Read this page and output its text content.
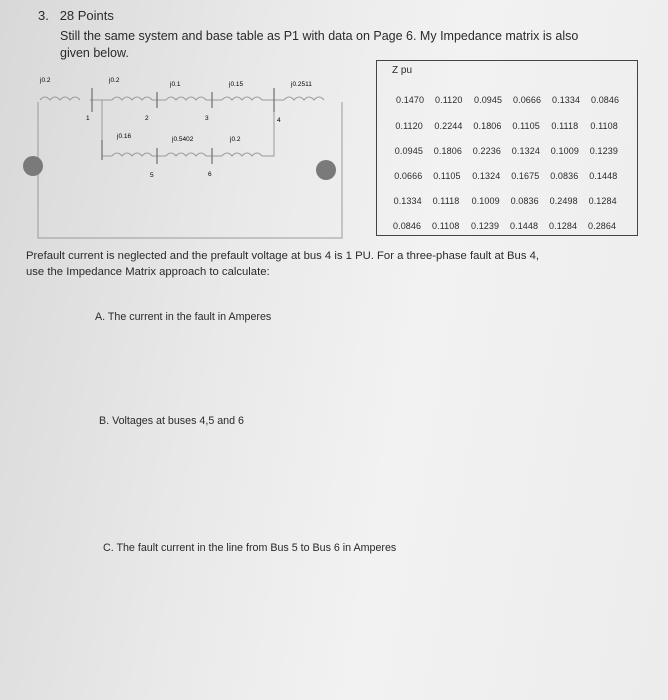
3. 28 Points
Still the same system and base table as P1 with data on Page 6. My Impedance matrix is also
given below.
j0.2	j0.2
j0.1	j0.15	j0.2511
j0.16	j0.5402	j0.2
1	2	3	4
5	6
Z pu
0.1470 0.1120 0.0945 0.0666 0.1334 0.0846
0.1120 0.2244 0.1806 0.1105 0.1118 0.1108
0.0945 0.1806 0.2236 0.1324 0.1009 0.1239
0.0666 0.1105 0.1324 0.1675 0.0836 0.1448
0.1334 0.1118 0.1009 0.0836 0.2498 0.1284
0.0846 0.1108 0.1239 0.1448 0.1284 0.2864
Prefault current is neglected and the prefault voltage at bus 4 is 1 PU. For a three-phase fault at Bus 4,
use the Impedance Matrix approach to calculate:
A. The current in the fault in Amperes
B. Voltages at buses 4,5 and 6
C. The fault current in the line from Bus 5 to Bus 6 in Amperes
